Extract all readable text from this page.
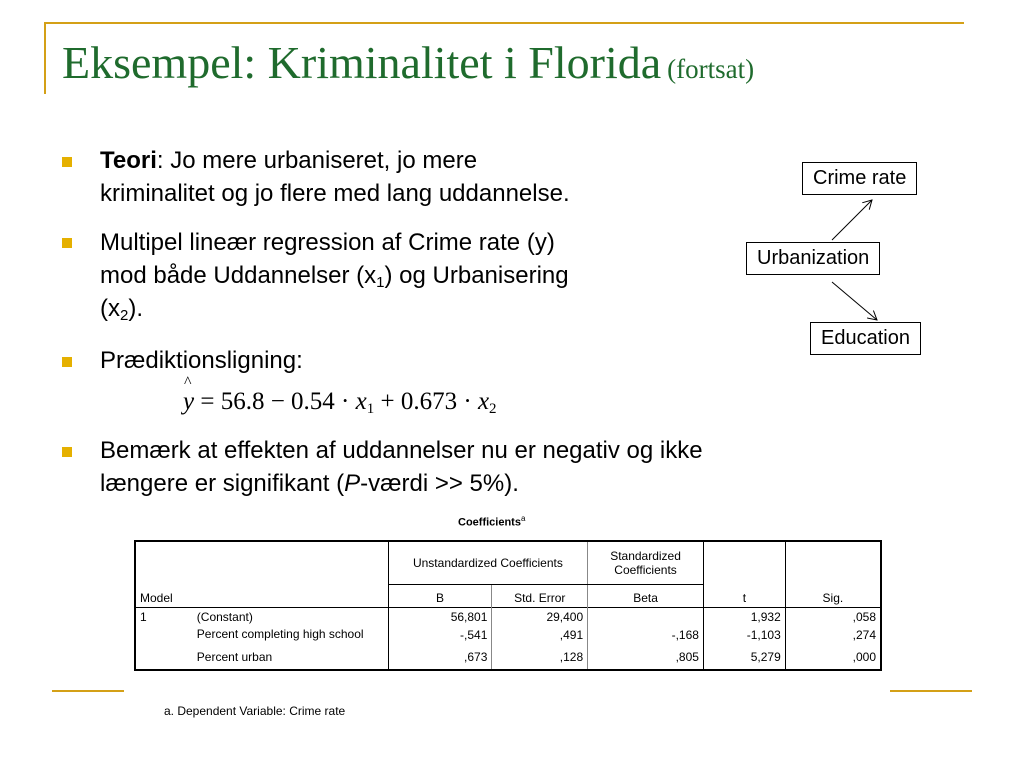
Eksempel: Kriminalitet i Florida (fortsat)
Teori: Jo mere urbaniseret, jo mere
kriminalitet og jo flere med lang uddannelse.
Multipel lineær regression af Crime rate (y)
mod både Uddannelser $(x_1)$ og Urbanisering
$(x_2)$.
Prædiktionsligning:
^ $y = 56.8 - 0.54 \cdot x_1 + 0.673 \cdot x_2$
Bemærk at effekten af uddannelser nu er negativ og ikke
længere er signifikant (P-værdi >> 5%).
Crime rate
Urbanization
Education
Coefficients$^a$
		Unstandardized Coefficients		Standardized Coefficients		
Model		B	Std. Error	Beta	t	Sig.
1	(Constant)	56,801	29,400		1,932	,058
	Percent completing high school	-,541	,491	-,168	-1,103	,274
	Percent urban	,673	,128	,805	5,279	,000
a. Dependent Variable: Crime rate
